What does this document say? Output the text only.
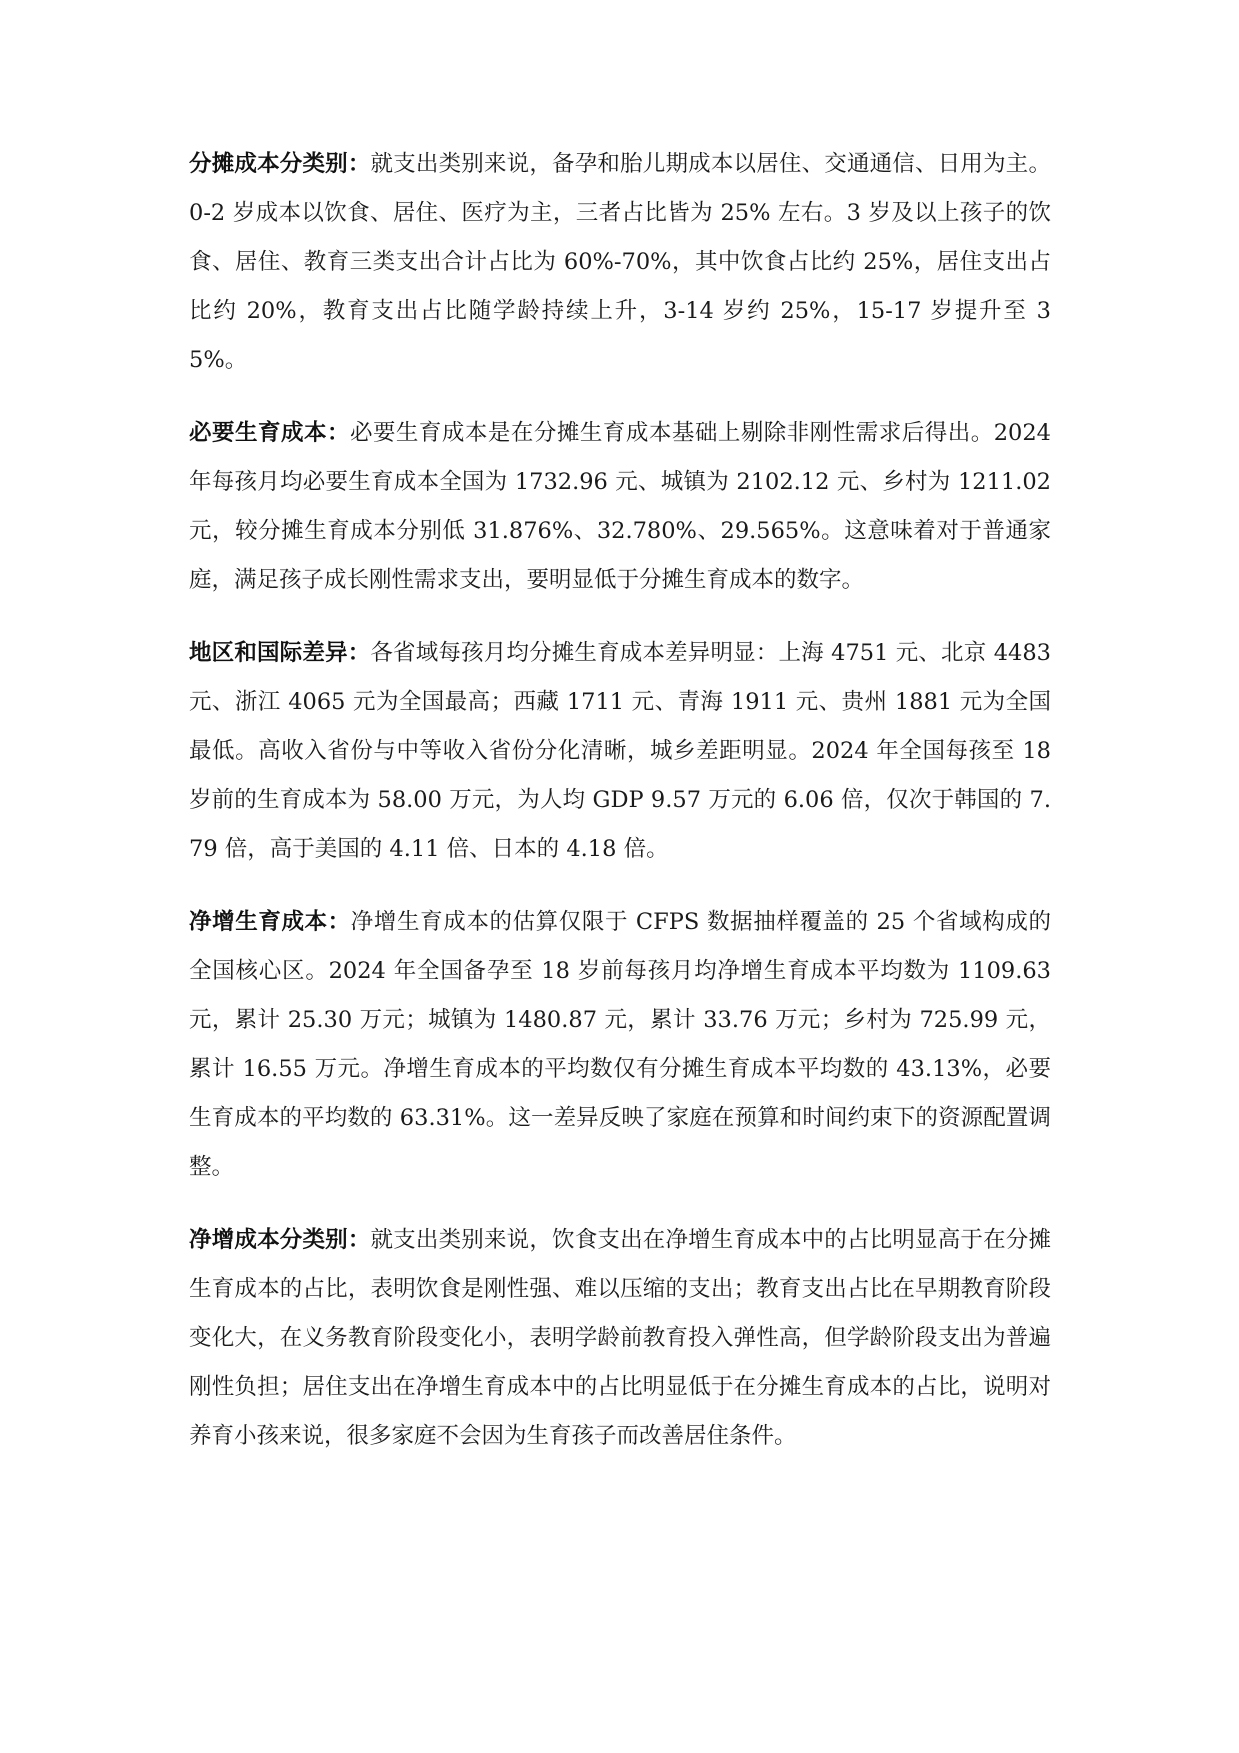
分摊成本分类别：就支出类别来说，备孕和胎儿期成本以居住、交通通信、日用为主。0-2 岁成本以饮食、居住、医疗为主，三者占比皆为 25% 左右。3 岁及以上孩子的饮食、居住、教育三类支出合计占比为 60%-70%，其中饮食占比约 25%，居住支出占比约 20%，教育支出占比随学龄持续上升，3-14 岁约 25%，15-17 岁提升至 35%。

必要生育成本：必要生育成本是在分摊生育成本基础上剔除非刚性需求后得出。2024 年每孩月均必要生育成本全国为 1732.96 元、城镇为 2102.12 元、乡村为 1211.02 元，较分摊生育成本分别低 31.876%、32.780%、29.565%。这意味着对于普通家庭，满足孩子成长刚性需求支出，要明显低于分摊生育成本的数字。

地区和国际差异：各省域每孩月均分摊生育成本差异明显：上海 4751 元、北京 4483 元、浙江 4065 元为全国最高；西藏 1711 元、青海 1911 元、贵州 1881 元为全国最低。高收入省份与中等收入省份分化清晰，城乡差距明显。2024 年全国每孩至 18 岁前的生育成本为 58.00 万元，为人均 GDP 9.57 万元的 6.06 倍，仅次于韩国的 7.79 倍，高于美国的 4.11 倍、日本的 4.18 倍。

净增生育成本：净增生育成本的估算仅限于 CFPS 数据抽样覆盖的 25 个省域构成的全国核心区。2024 年全国备孕至 18 岁前每孩月均净增生育成本平均数为 1109.63 元，累计 25.30 万元；城镇为 1480.87 元，累计 33.76 万元；乡村为 725.99 元，累计 16.55 万元。净增生育成本的平均数仅有分摊生育成本平均数的 43.13%，必要生育成本的平均数的 63.31%。这一差异反映了家庭在预算和时间约束下的资源配置调整。

净增成本分类别：就支出类别来说，饮食支出在净增生育成本中的占比明显高于在分摊生育成本的占比，表明饮食是刚性强、难以压缩的支出；教育支出占比在早期教育阶段变化大，在义务教育阶段变化小，表明学龄前教育投入弹性高，但学龄阶段支出为普遍刚性负担；居住支出在净增生育成本中的占比明显低于在分摊生育成本的占比，说明对养育小孩来说，很多家庭不会因为生育孩子而改善居住条件。
